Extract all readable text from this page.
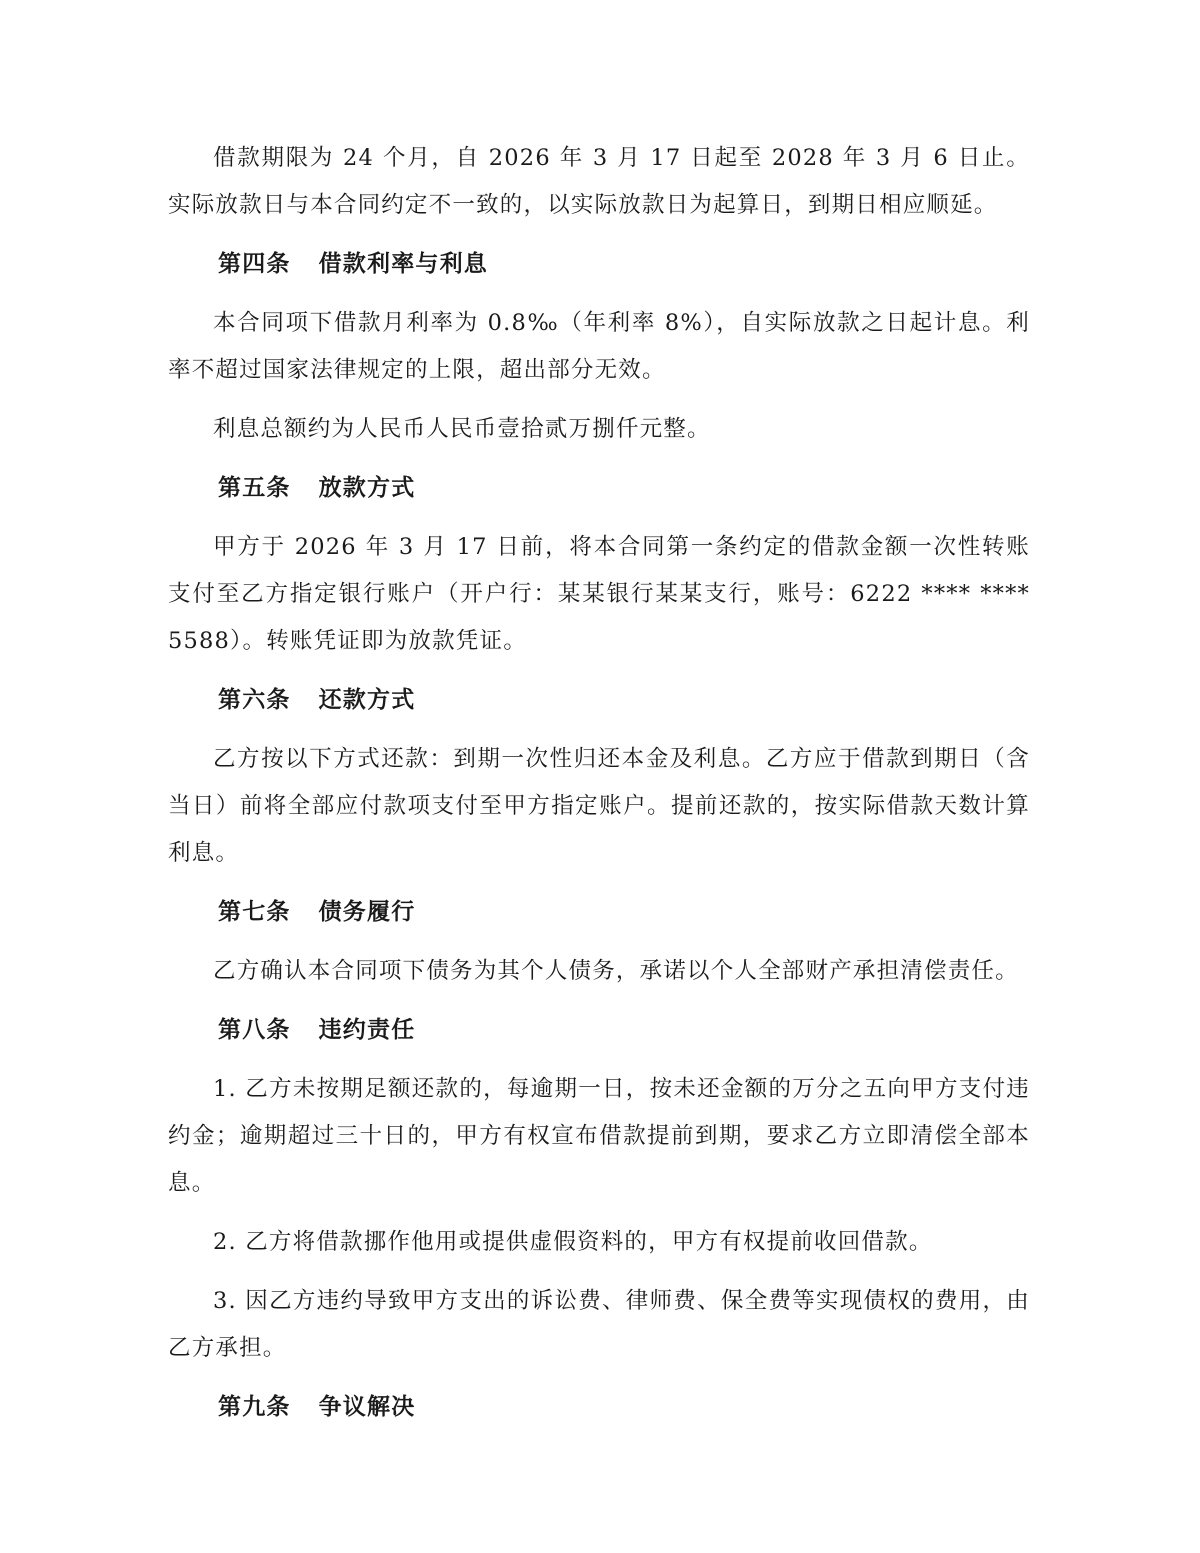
借款期限为 24 个月，自 2026 年 3 月 17 日起至 2028 年 3 月 6 日止。实际放款日与本合同约定不一致的，以实际放款日为起算日，到期日相应顺延。

第四条 借款利率与利息

本合同项下借款月利率为 0.8‰（年利率 8%），自实际放款之日起计息。利率不超过国家法律规定的上限，超出部分无效。

利息总额约为人民币人民币壹拾贰万捌仟元整。

第五条 放款方式

甲方于 2026 年 3 月 17 日前，将本合同第一条约定的借款金额一次性转账支付至乙方指定银行账户（开户行：某某银行某某支行，账号：6222 **** **** 5588）。转账凭证即为放款凭证。

第六条 还款方式

乙方按以下方式还款：到期一次性归还本金及利息。乙方应于借款到期日（含当日）前将全部应付款项支付至甲方指定账户。提前还款的，按实际借款天数计算利息。

第七条 债务履行

乙方确认本合同项下债务为其个人债务，承诺以个人全部财产承担清偿责任。

第八条 违约责任

1. 乙方未按期足额还款的，每逾期一日，按未还金额的万分之五向甲方支付违约金；逾期超过三十日的，甲方有权宣布借款提前到期，要求乙方立即清偿全部本息。

2. 乙方将借款挪作他用或提供虚假资料的，甲方有权提前收回借款。

3. 因乙方违约导致甲方支出的诉讼费、律师费、保全费等实现债权的费用，由乙方承担。

第九条 争议解决
